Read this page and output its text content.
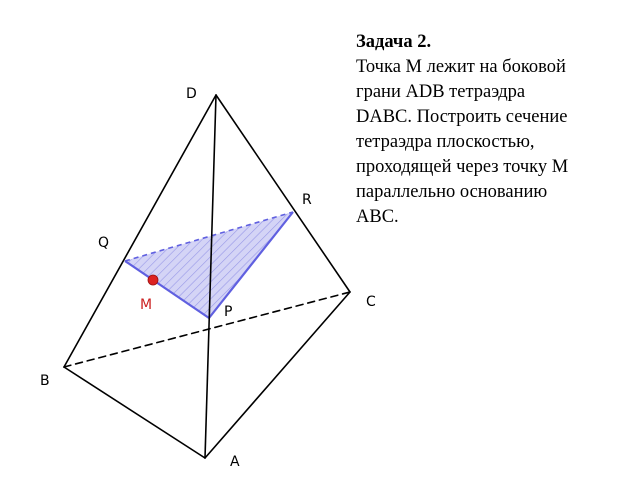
D
R
Q
C
M	P
B
A
Задача 2.
Точка М лежит на боковой
грани ADB тетраэдра
DABC. Построить сечение
тетраэдра плоскостью,
проходящей через точку М
параллельно основанию
ABC.
